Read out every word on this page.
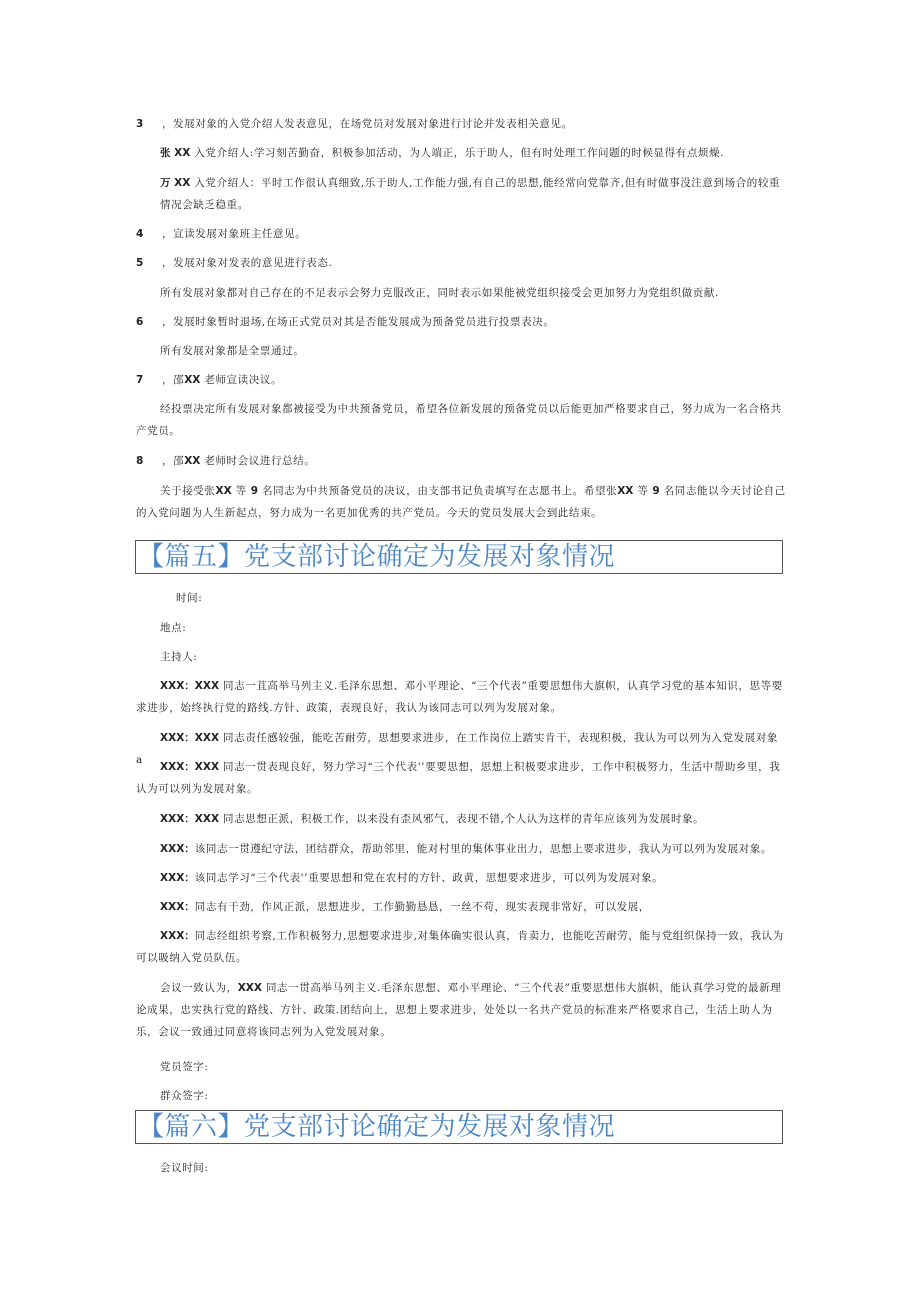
3 ，发展对象的入党介绍人发表意见，在场党员对发展对象进行讨论并发表相关意见。

张 XX 入党介绍人:学习刻苦勤奋，积极参加活动，为人端正，乐于助人，但有时处理工作问题的时候显得有点烦燥.

万 XX 入党介绍人：平时工作很认真细致,乐于助人,工作能力强,有自己的思想,能经常向党靠齐,但有时做事没注意到场合的较重情况会缺乏稳重。

4 ，宣读发展对象班主任意见。

5 ，发展对象对发表的意见进行表态.

所有发展对象都对自己存在的不足表示会努力克服改正，同时表示如果能被党组织接受会更加努力为党组织做贡献.

6 ，发展时象暂时退场,在场正式党员对其是否能发展成为预备党员进行投票表决。

所有发展对象都是全票通过。

7 ，邵XX 老师宣读决议。

经投票决定所有发展对象都被接受为中共预备党员，希望各位新发展的预备党员以后能更加严格要求自己，努力成为一名合格共产党员。

8 ，邵XX 老师时会议进行总结。

关于接受张XX 等 9 名同志为中共预备党员的决议，由支部书记负责填写在志愿书上。希望张XX 等 9 名同志能以今天讨论自己的入党问题为人生新起点，努力成为一名更加优秀的共产党员。今天的党员发展大会到此结束。

【篇五】党支部讨论确定为发展对象情况

时间:

地点:

主持人:

XXX：XXX 同志一苴高举马列主义.毛泽东思想、邓小平理论、“三个代表”重要思想伟大旗帜，认真学习党的基本知识，思等要求进步，始终执行党的路线.方针、政策，表现良好，我认为该同志可以列为发展对象。

XXX：XXX 同志责任感较强，能吃苦耐劳，思想要求进步，在工作岗位上踏实肯干，表现积极，我认为可以列为入党发展对象 a

XXX：XXX 同志一贯表现良好，努力学习“三个代表'’要要思想，思想上积极要求进步，工作中积极努力，生活中帮助乡里，我认为可以列为发展对象。

XXX：XXX 同志思想正派，积极工作，以来没有歪风邪气，表现不错,个人认为这样的青年应该列为发展时象。

XXX：该同志一贯遵纪守法，团结群众，帮助邻里，能对村里的集体事业出力，思想上要求进步，我认为可以列为发展对象。

XXX：该同志学习“三个代表'’重要思想和党在农村的方针、政黄，思想要求进步，可以列为发展对象。

XXX：同志有干劲，作风正派，思想进步，工作勤勤恳恳，一丝不苟，现实表现非常好，可以发展，

XXX：同志经组织考察,工作积极努力,思想要求进步,对集体确实很认真，肯卖力，也能吃苦耐劳，能与党组织保持一致，我认为可以吸纳入党员队伍。

会议一致认为，XXX 同志一贯高举马列主义.毛泽东思想、邓小平理论、“三个代表”重要思想伟大旗帜，能认真学习党的最新理论成果，忠实执行党的路线、方针、政策.团结向上，思想上要求进步，处处以一名共产党员的标准来严格要求自己，生活上助人为乐，会议一致通过同意将该同志列为入党发展对象。

党员签字:

群众签字:

【篇六】党支部讨论确定为发展对象情况

会议时间:
